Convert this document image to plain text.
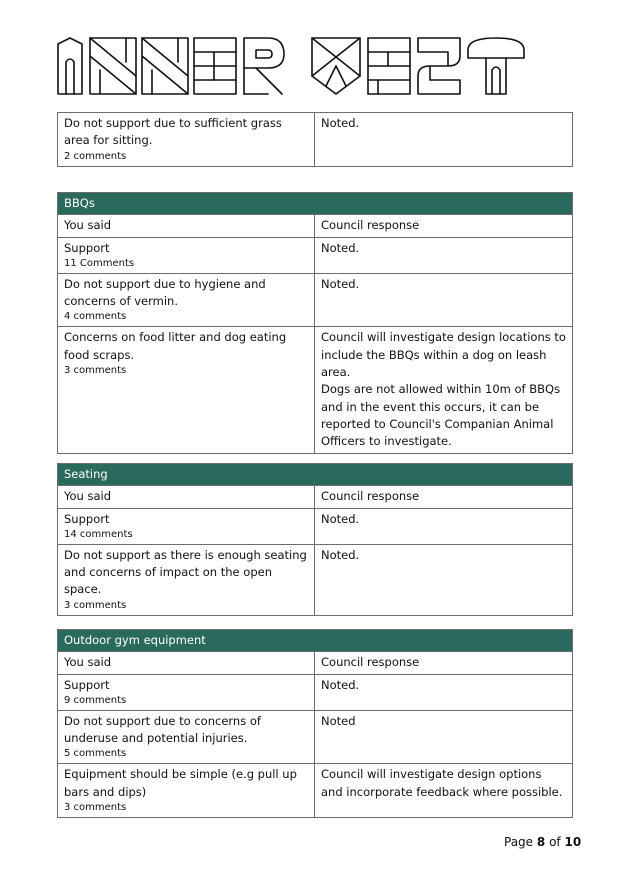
Do not support due to sufficient grass area for sitting.
2 comments
	Noted.
BBQs	
You said	Council response
Support
11 Comments	Noted.
Do not support due to hygiene and concerns of vermin.
4 comments	Noted.
Concerns on food litter and dog eating food scraps.
3 comments	Council will investigate design locations to include the BBQs within a dog on leash area.
Dogs are not allowed within 10m of BBQs and in the event this occurs, it can be reported to Council's Companian Animal Officers to investigate.
Seating	
You said	Council response
Support
14 comments	Noted.
Do not support as there is enough seating and concerns of impact on the open space.
3 comments	Noted.
Outdoor gym equipment	
You said	Council response
Support
9 comments	Noted.
Do not support due to concerns of underuse and potential injuries.
5 comments	Noted
Equipment should be simple (e.g pull up bars and dips)
3 comments	Council will investigate design options and incorporate feedback where possible.
Page 8 of 10
